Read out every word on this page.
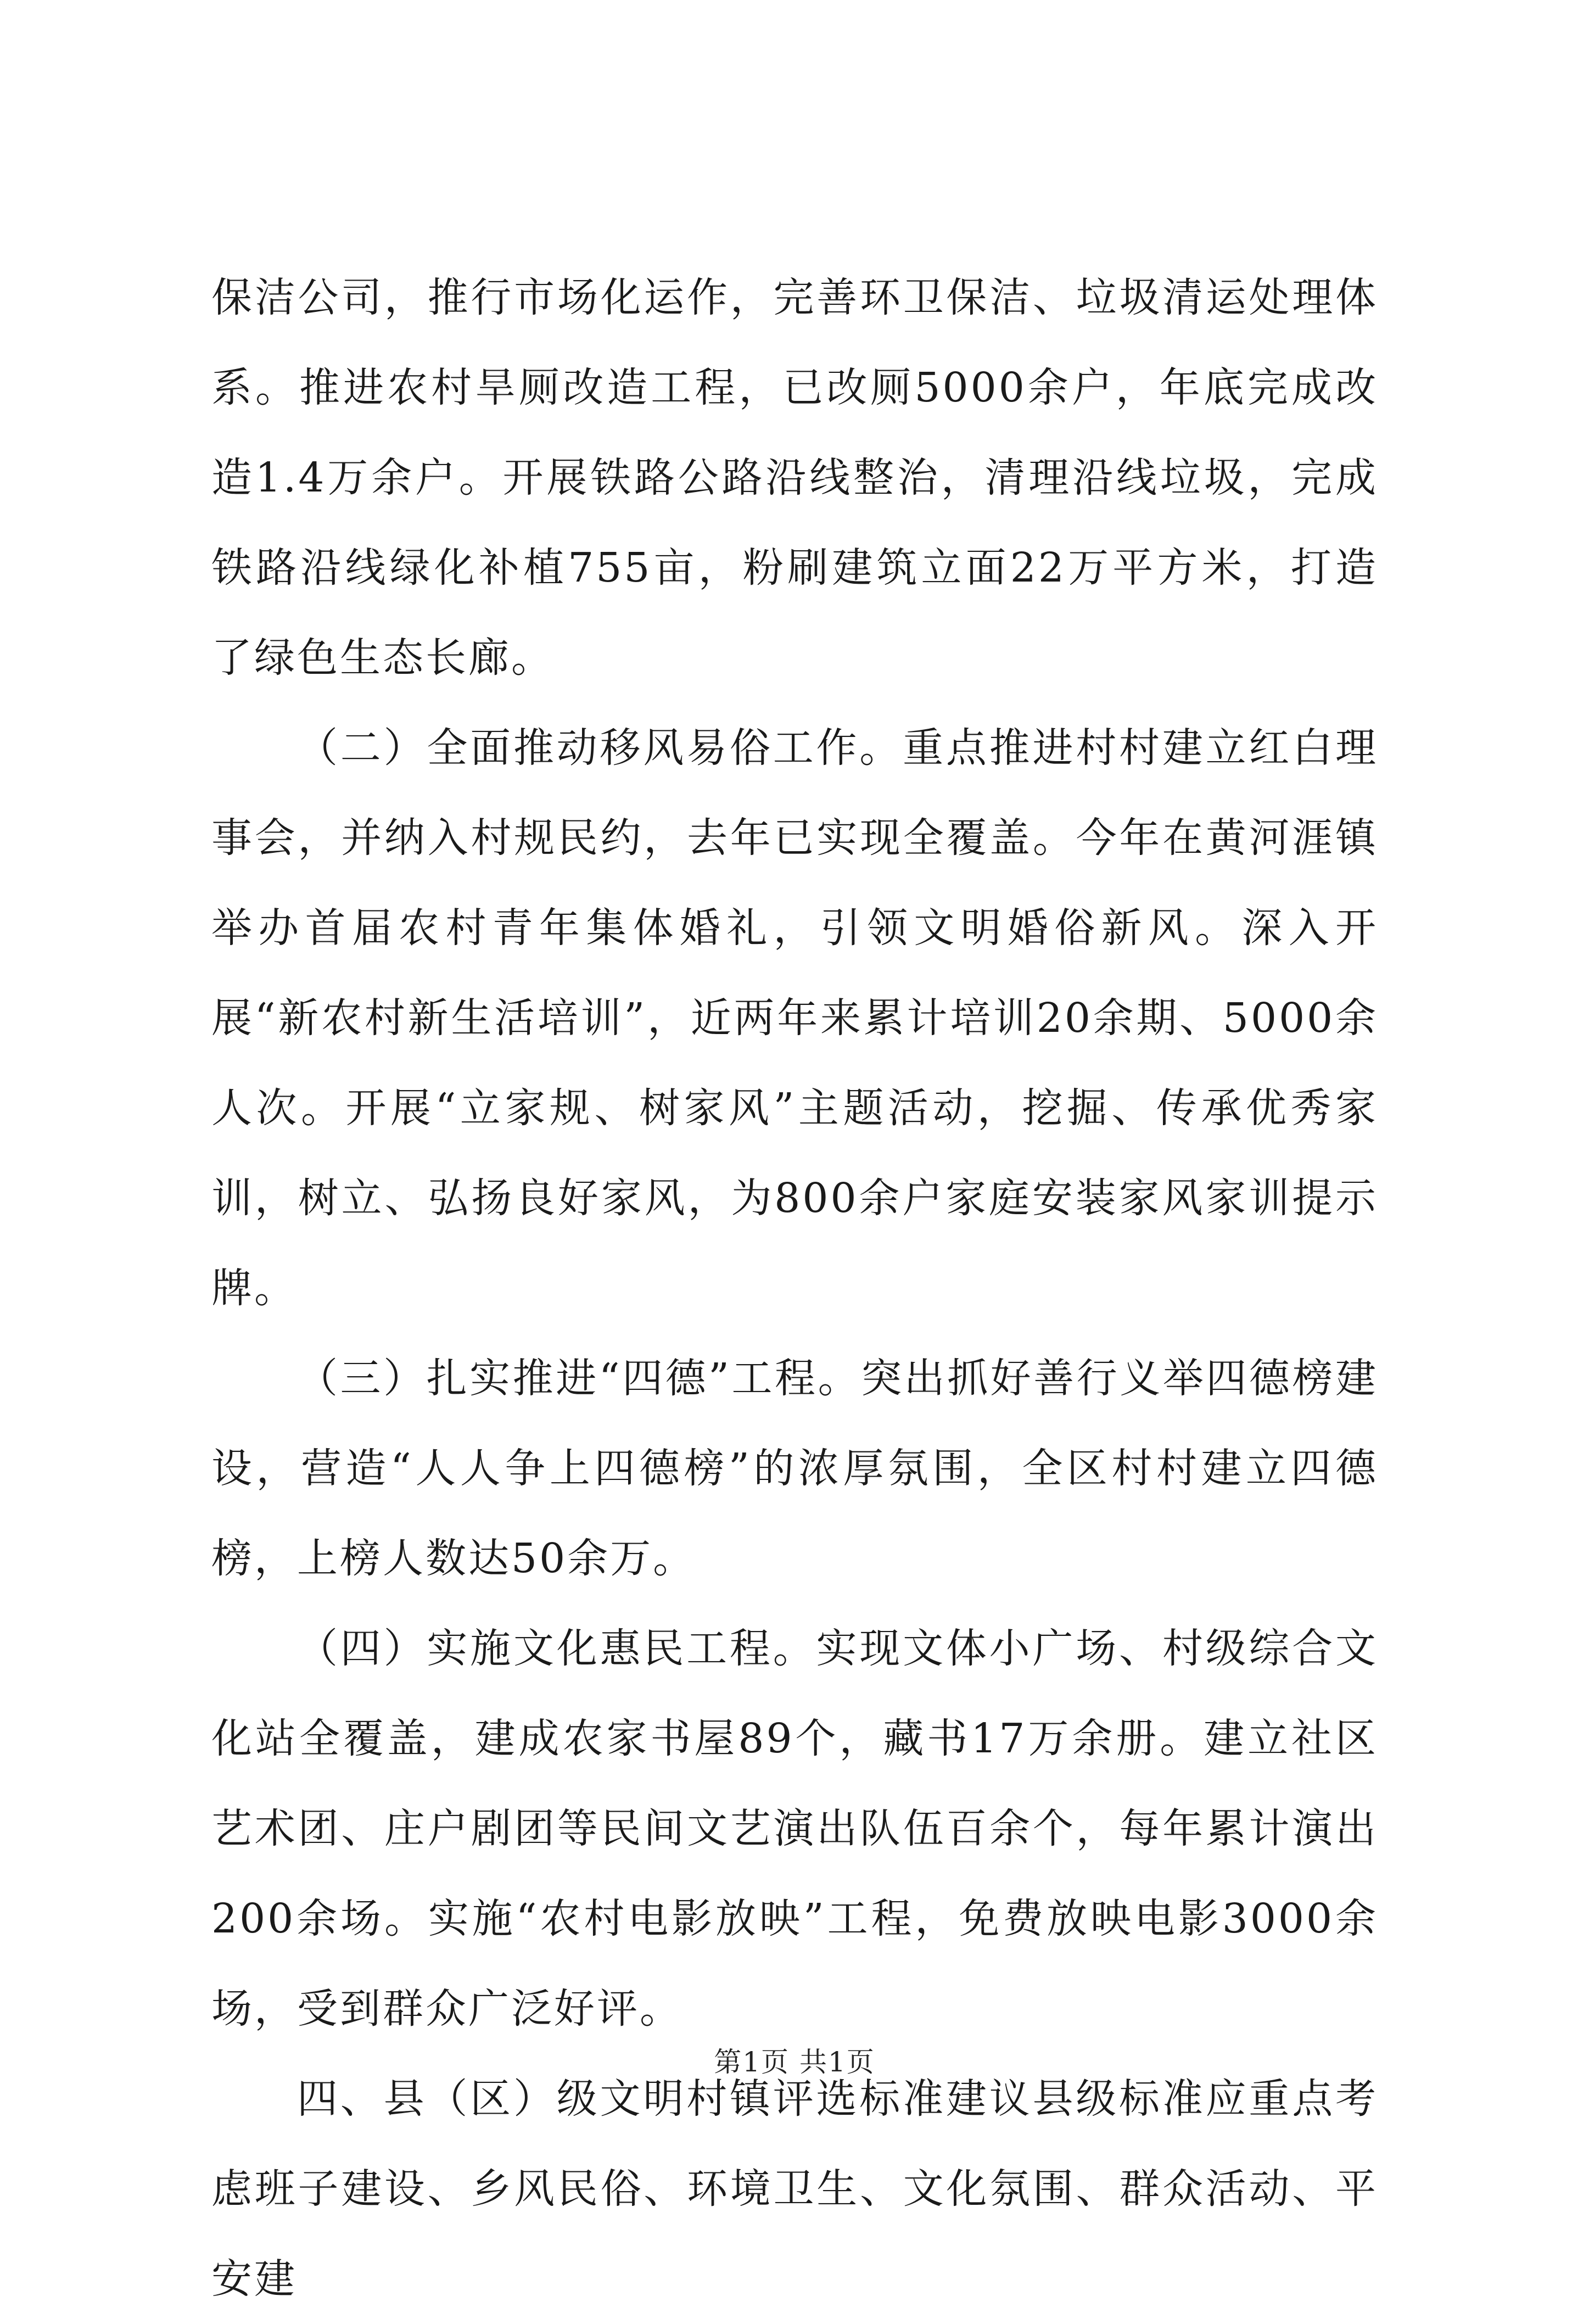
保洁公司，推行市场化运作，完善环卫保洁、垃圾清运处理体系。推进农村旱厕改造工程，已改厕5000余户，年底完成改造1.4万余户。开展铁路公路沿线整治，清理沿线垃圾，完成铁路沿线绿化补植755亩，粉刷建筑立面22万平方米，打造了绿色生态长廊。

（二）全面推动移风易俗工作。重点推进村村建立红白理事会，并纳入村规民约，去年已实现全覆盖。今年在黄河涯镇举办首届农村青年集体婚礼，引领文明婚俗新风。深入开展“新农村新生活培训”，近两年来累计培训20余期、5000余人次。开展“立家规、树家风”主题活动，挖掘、传承优秀家训，树立、弘扬良好家风，为800余户家庭安装家风家训提示牌。

（三）扎实推进“四德”工程。突出抓好善行义举四德榜建设，营造“人人争上四德榜”的浓厚氛围，全区村村建立四德榜，上榜人数达50余万。

（四）实施文化惠民工程。实现文体小广场、村级综合文化站全覆盖，建成农家书屋89个，藏书17万余册。建立社区艺术团、庄户剧团等民间文艺演出队伍百余个，每年累计演出200余场。实施“农村电影放映”工程，免费放映电影3000余场，受到群众广泛好评。

四、县（区）级文明村镇评选标准建议县级标准应重点考虑班子建设、乡风民俗、环境卫生、文化氛围、群众活动、平安建

第1页 共1页
